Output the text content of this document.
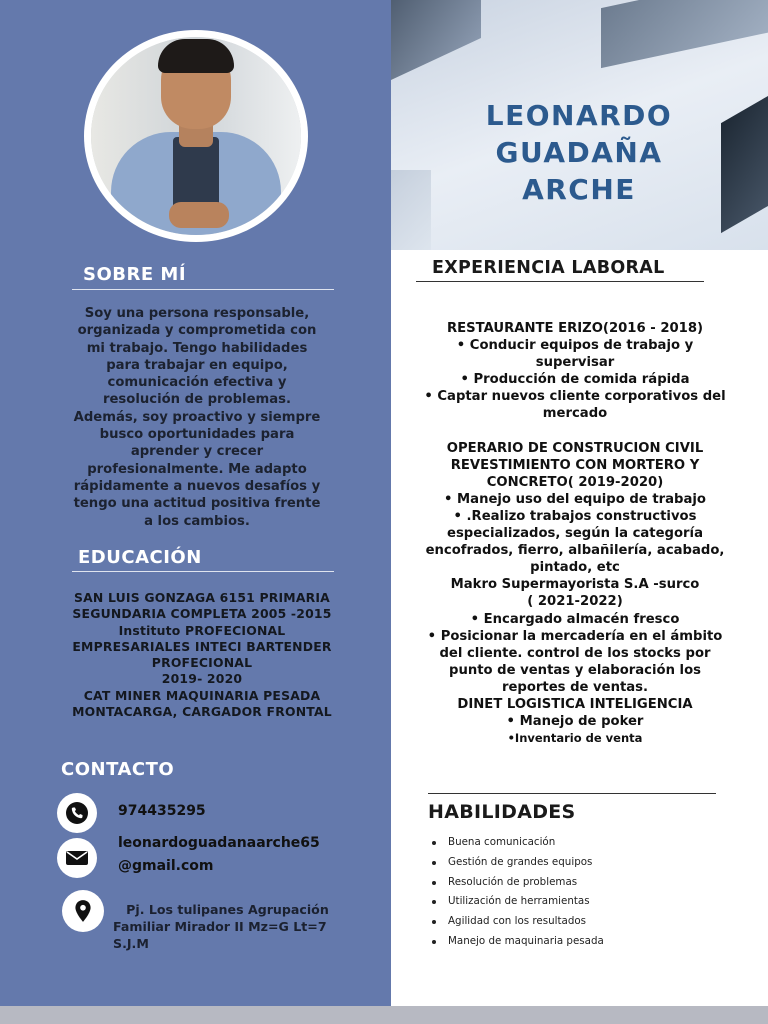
LEONARDO
GUADAÑA
ARCHE
SOBRE MÍ
Soy una persona responsable,
organizada y comprometida con
mi trabajo. Tengo habilidades
para trabajar en equipo,
comunicación efectiva y
resolución de problemas.
Además, soy proactivo y siempre
busco oportunidades para
aprender y crecer
profesionalmente. Me adapto
rápidamente a nuevos desafíos y
tengo una actitud positiva frente
a los cambios.
EDUCACIÓN
SAN LUIS GONZAGA 6151 PRIMARIA
SEGUNDARIA COMPLETA 2005 -2015
Instituto PROFECIONAL
EMPRESARIALES INTECI BARTENDER
PROFECIONAL
2019- 2020
CAT MINER MAQUINARIA PESADA
MONTACARGA, CARGADOR FRONTAL
CONTACTO
974435295
leonardoguadanaarche65
@gmail.com
Pj. Los tulipanes Agrupación
Familiar Mirador II Mz=G Lt=7
S.J.M
EXPERIENCIA LABORAL
RESTAURANTE ERIZO(2016 - 2018)
• Conducir equipos de trabajo y
supervisar
• Producción de comida rápida
• Captar nuevos cliente corporativos del
mercado
OPERARIO DE CONSTRUCION CIVIL
REVESTIMIENTO CON MORTERO Y
CONCRETO( 2019-2020)
• Manejo uso del equipo de trabajo
• .Realizo trabajos constructivos
especializados, según la categoría
encofrados, fierro, albañilería, acabado,
pintado, etc
Makro Supermayorista S.A -surco
( 2021-2022)
• Encargado almacén fresco
• Posicionar la mercadería en el ámbito
del cliente. control de los stocks por
punto de ventas y elaboración los
reportes de ventas.
DINET LOGISTICA INTELIGENCIA
• Manejo de poker
•Inventario de venta
HABILIDADES
Buena comunicación
Gestión de grandes equipos
Resolución de problemas
Utilización de herramientas
Agilidad con los resultados
Manejo de maquinaria pesada
